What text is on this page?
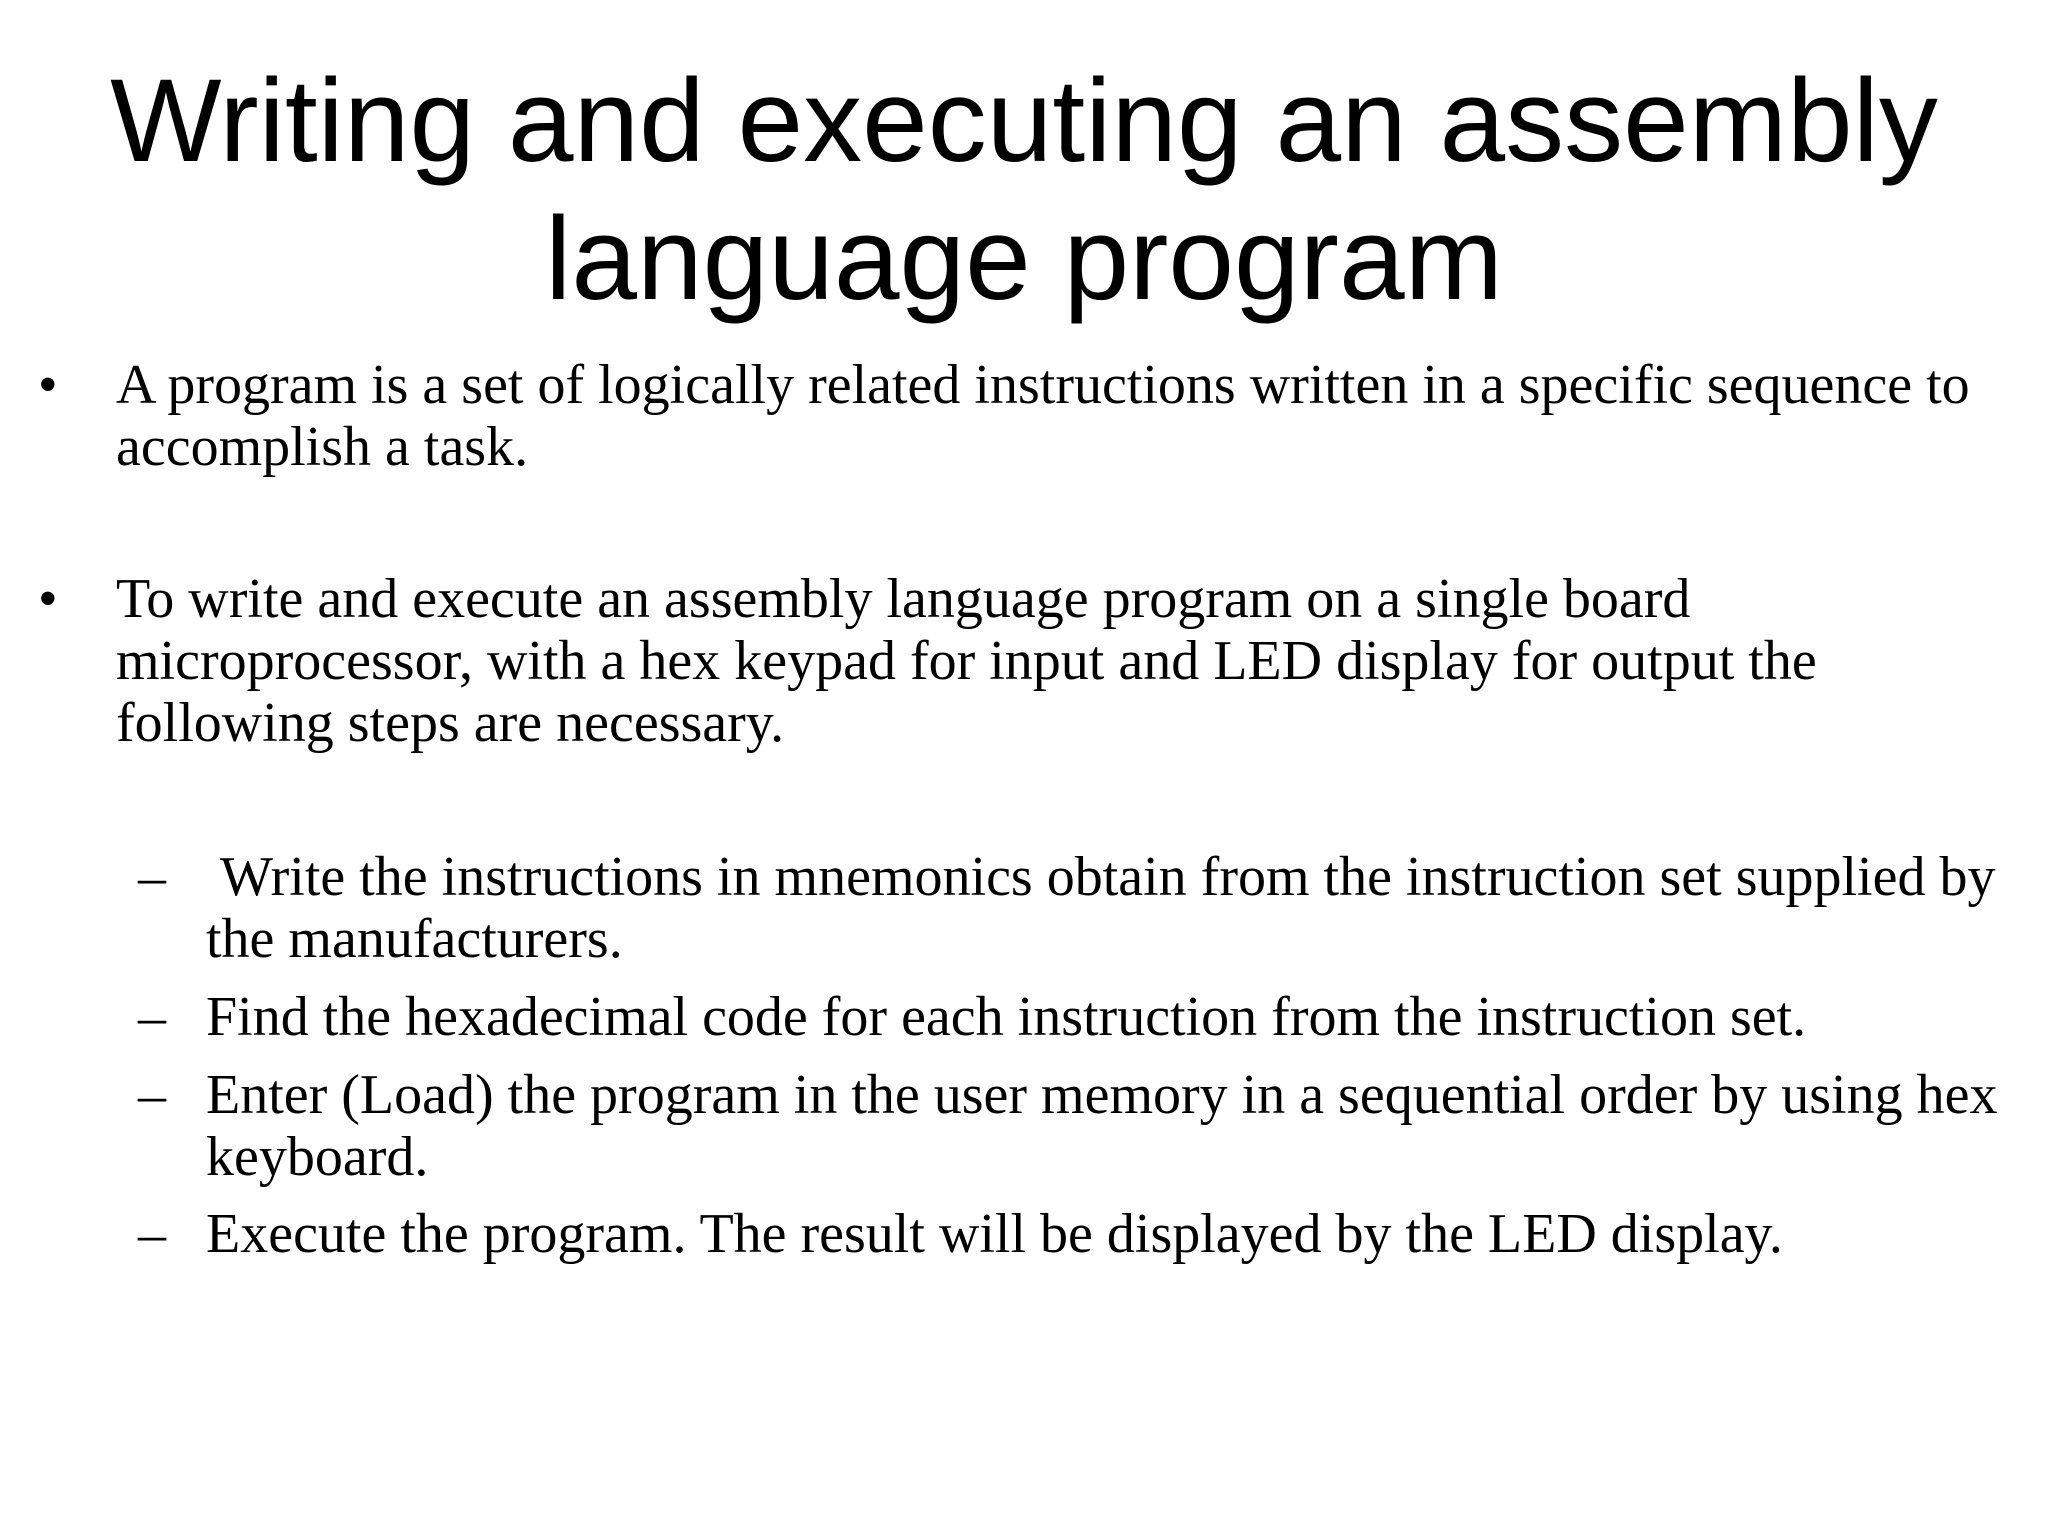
Writing and executing an assembly
language program
• A program is a set of logically related instructions written in a specific sequence to accomplish a task.
• To write and execute an assembly language program on a single board microprocessor, with a hex keypad for input and LED display for output the following steps are necessary.
– Write the instructions in mnemonics obtain from the instruction set supplied by the manufacturers.
– Find the hexadecimal code for each instruction from the instruction set.
– Enter (Load) the program in the user memory in a sequential order by using hex keyboard.
– Execute the program. The result will be displayed by the LED display.
